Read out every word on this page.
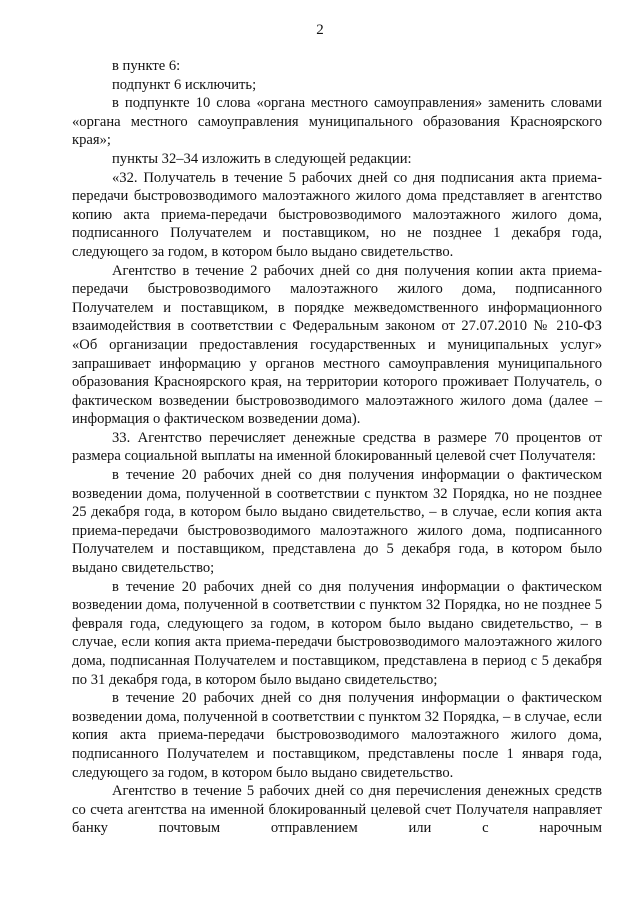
2

в пункте 6:

подпункт 6 исключить;

в подпункте 10 слова «органа местного самоуправления» заменить словами «органа местного самоуправления муниципального образования Красноярского края»;

пункты 32–34 изложить в следующей редакции:

«32. Получатель в течение 5 рабочих дней со дня подписания акта приема-передачи быстровозводимого малоэтажного жилого дома представляет в агентство копию акта приема-передачи быстровозводимого малоэтажного жилого дома, подписанного Получателем и поставщиком, но не позднее 1 декабря года, следующего за годом, в котором было выдано свидетельство.

Агентство в течение 2 рабочих дней со дня получения копии акта приема-передачи быстровозводимого малоэтажного жилого дома, подписанного Получателем и поставщиком, в порядке межведомственного информационного взаимодействия в соответствии с Федеральным законом от 27.07.2010 № 210-ФЗ «Об организации предоставления государственных и муниципальных услуг» запрашивает информацию у органов местного самоуправления муниципального образования Красноярского края, на территории которого проживает Получатель, о фактическом возведении быстровозводимого малоэтажного жилого дома (далее – информация о фактическом возведении дома).

33. Агентство перечисляет денежные средства в размере 70 процентов от размера социальной выплаты на именной блокированный целевой счет Получателя:

в течение 20 рабочих дней со дня получения информации о фактическом возведении дома, полученной в соответствии с пунктом 32 Порядка, но не позднее 25 декабря года, в котором было выдано свидетельство, – в случае, если копия акта приема-передачи быстровозводимого малоэтажного жилого дома, подписанного Получателем и поставщиком, представлена до 5 декабря года, в котором было выдано свидетельство;

в течение 20 рабочих дней со дня получения информации о фактическом возведении дома, полученной в соответствии с пунктом 32 Порядка, но не позднее 5 февраля года, следующего за годом, в котором было выдано свидетельство, – в случае, если копия акта приема-передачи быстровозводимого малоэтажного жилого дома, подписанная Получателем и поставщиком, представлена в период с 5 декабря по 31 декабря года, в котором было выдано свидетельство;

в течение 20 рабочих дней со дня получения информации о фактическом возведении дома, полученной в соответствии с пунктом 32 Порядка, – в случае, если копия акта приема-передачи быстровозводимого малоэтажного жилого дома, подписанного Получателем и поставщиком, представлены после 1 января года, следующего за годом, в котором было выдано свидетельство.

Агентство в течение 5 рабочих дней со дня перечисления денежных средств со счета агентства на именной блокированный целевой счет Получателя направляет банку почтовым отправлением или с нарочным
